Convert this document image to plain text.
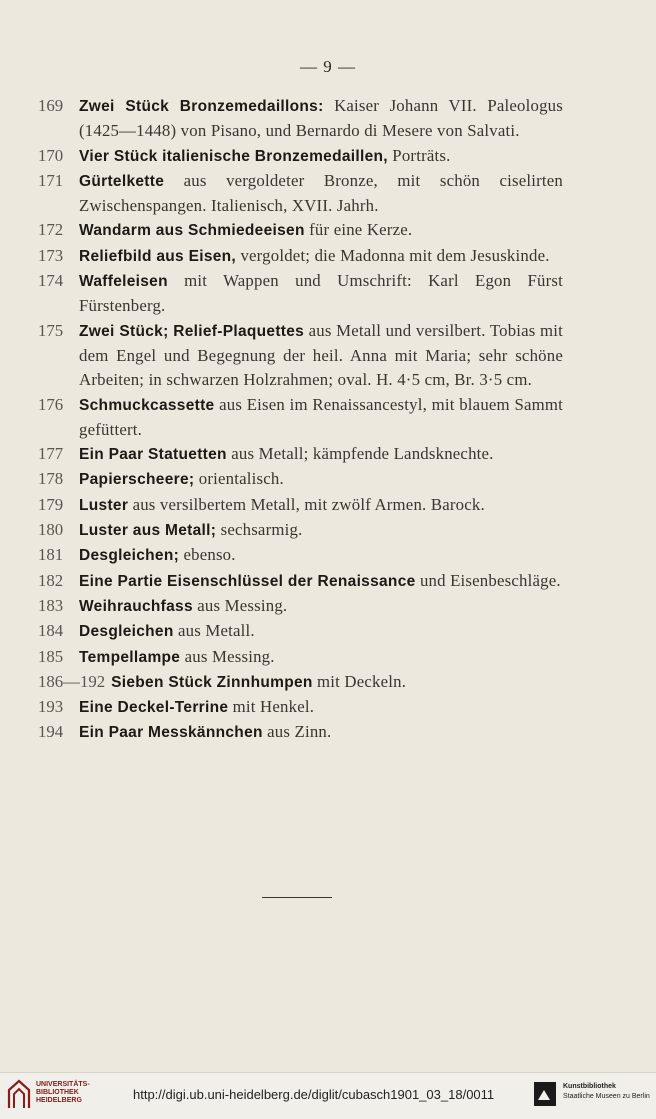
— 9 —
169	Zwei Stück Bronzemedaillons: Kaiser Johann VII. Paleologus (1425—1448) von Pisano, und Bernardo di Mesere von Salvati.
170	Vier Stück italienische Bronzemedaillen, Porträts.
171	Gürtelkette aus vergoldeter Bronze, mit schön ciselirten Zwischenspangen. Italienisch, XVII. Jahrh.
172	Wandarm aus Schmiedeeisen für eine Kerze.
173	Reliefbild aus Eisen, vergoldet; die Madonna mit dem Jesuskinde.
174	Waffeleisen mit Wappen und Umschrift: Karl Egon Fürst Fürstenberg.
175	Zwei Stück; Relief-Plaquettes aus Metall und versilbert. Tobias mit dem Engel und Begegnung der heil. Anna mit Maria; sehr schöne Arbeiten; in schwarzen Holzrahmen; oval. H. 4·5 cm, Br. 3·5 cm.
176	Schmuckcassette aus Eisen im Renaissancestyl, mit blauem Sammt gefüttert.
177	Ein Paar Statuetten aus Metall; kämpfende Landsknechte.
178	Papierscheere; orientalisch.
179	Luster aus versilbertem Metall, mit zwölf Armen. Barock.
180	Luster aus Metall; sechsarmig.
181	Desgleichen; ebenso.
182	Eine Partie Eisenschlüssel der Renaissance und Eisenbeschläge.
183	Weihrauchfass aus Messing.
184	Desgleichen aus Metall.
185	Tempellampe aus Messing.
186—192 Sieben Stück Zinnhumpen mit Deckeln.
193	Eine Deckel-Terrine mit Henkel.
194	Ein Paar Messkännchen aus Zinn.
UNIVERSITÄTS-
BIBLIOTHEK
HEIDELBERG	http://digi.ub.uni-heidelberg.de/diglit/cubasch1901_03_18/0011
Kunstbibliothek
Staatliche Museen zu Berlin
